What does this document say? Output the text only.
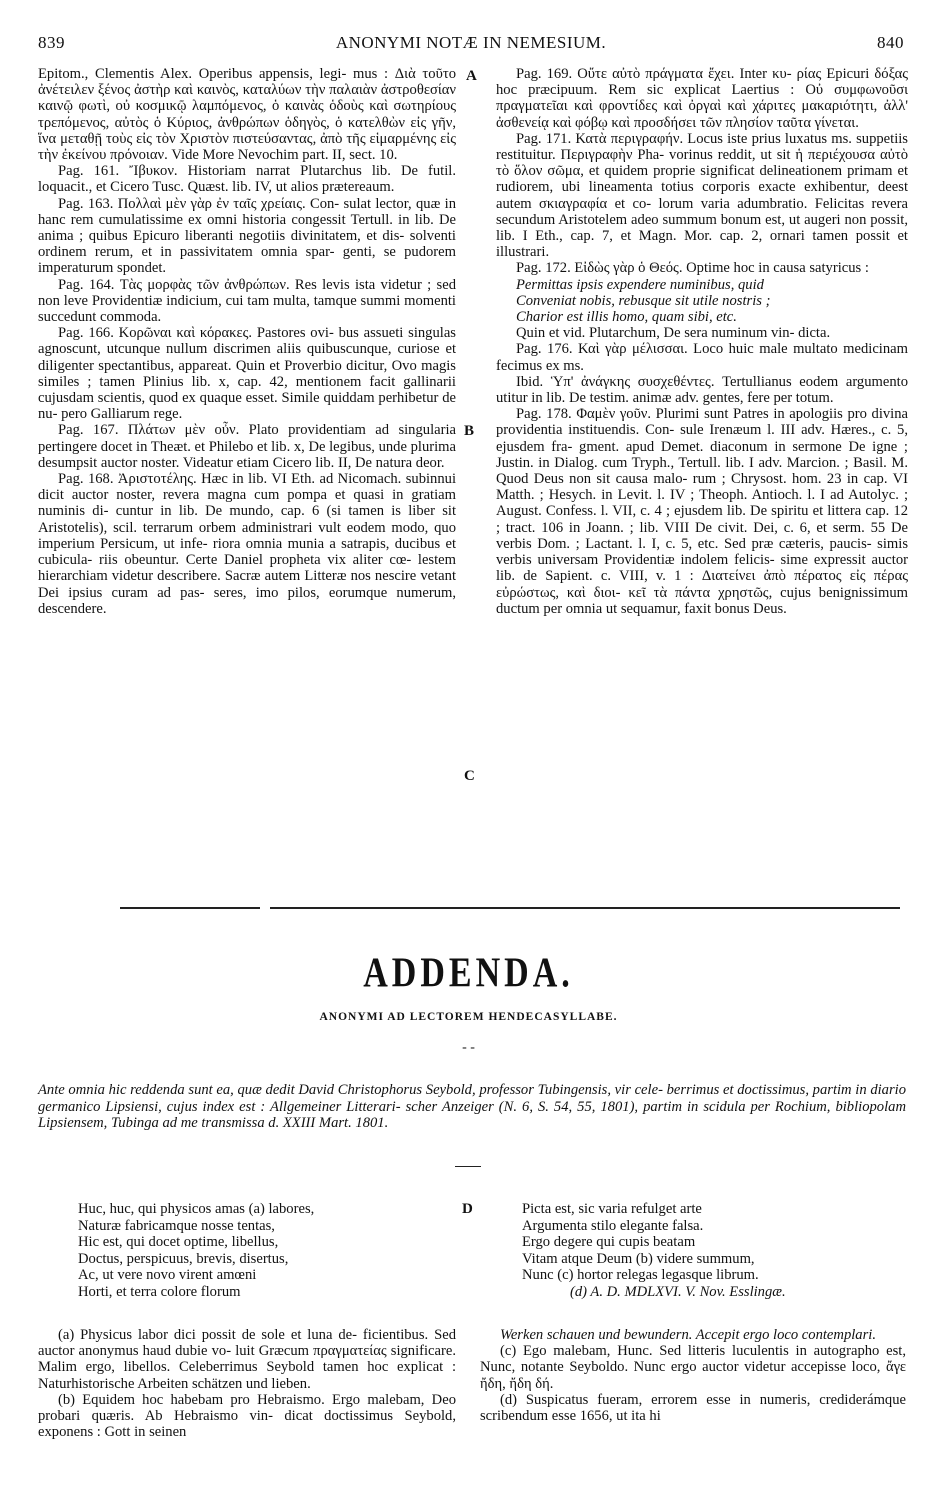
839	ANONYMI NOTÆ IN NEMESIUM.	840

Epitom., Clementis Alex. Operibus appensis, legi- mus : Διὰ τοῦτο ἀνέτειλεν ξένος ἀστὴρ καὶ καινὸς, καταλύων τὴν παλαιὰν ἀστροθεσίαν καινῷ φωτὶ, οὐ κοσμικῷ λαμπόμενος, ὁ καινὰς ὁδοὺς καὶ σωτηρίους τρεπόμενος, αὐτὸς ὁ Κύριος, ἀνθρώπων ὁδηγὸς, ὁ κατελθὼν εἰς γῆν, ἵνα μεταθῇ τοὺς εἰς τὸν Χριστὸν πιστεύσαντας, ἀπὸ τῆς εἱμαρμένης εἰς τὴν ἐκείνου πρόνοιαν. Vide More Nevochim part. II, sect. 10.

Pag. 161. Ἴβυκον. Historiam narrat Plutarchus lib. De futil. loquacit., et Cicero Tusc. Quæst. lib. IV, ut alios prætereaum.

Pag. 163. Πολλαὶ μὲν γὰρ ἐν ταῖς χρείαις. Con- sulat lector, quæ in hanc rem cumulatissime ex omni historia congessit Tertull. in lib. De anima ; quibus Epicuro liberanti negotiis divinitatem, et dis- solventi ordinem rerum, et in passivitatem omnia spar- genti, se pudorem imperaturum spondet.

Pag. 164. Τὰς μορφὰς τῶν ἀνθρώπων. Res levis ista videtur ; sed non leve Providentiæ indicium, cui tam multa, tamque summi momenti succedunt commoda.

Pag. 166. Κορῶναι καὶ κόρακες. Pastores ovi- bus assueti singulas agnoscunt, utcunque nullum discrimen aliis quibuscunque, curiose et diligenter spectantibus, appareat. Quin et Proverbio dicitur, Ovo magis similes ; tamen Plinius lib. x, cap. 42, mentionem facit gallinarii cujusdam scientis, quod ex quaque esset. Simile quiddam perhibetur de nu- pero Galliarum rege.

Pag. 167. Πλάτων μὲν οὖν. Plato providentiam ad singularia pertingere docet in Theæt. et Philebo et lib. x, De legibus, unde plurima desumpsit auctor noster. Videatur etiam Cicero lib. II, De natura deor.

Pag. 168. Ἀριστοτέλης. Hæc in lib. VI Eth. ad Nicomach. subinnui dicit auctor noster, revera magna cum pompa et quasi in gratiam numinis di- cuntur in lib. De mundo, cap. 6 (si tamen is liber sit Aristotelis), scil. terrarum orbem administrari vult eodem modo, quo imperium Persicum, ut infe- riora omnia munia a satrapis, ducibus et cubicula- riis obeuntur. Certe Daniel propheta vix aliter cœ- lestem hierarchiam videtur describere. Sacræ autem Litteræ nos nescire vetant Dei ipsius curam ad pas- seres, imo pilos, eorumque numerum, descendere.

A
B
C

Pag. 169. Οὔτε αὐτὸ πράγματα ἔχει. Inter κυ- ρίας Epicuri δόξας hoc præcipuum. Rem sic explicat Laertius : Οὐ συμφωνοῦσι πραγματεῖαι καὶ φροντίδες καὶ ὀργαὶ καὶ χάριτες μακαριότητι, ἀλλ' ἀσθενείᾳ καὶ φόβῳ καὶ προσδήσει τῶν πλησίον ταῦτα γίνεται.

Pag. 171. Κατὰ περιγραφήν. Locus iste prius luxatus ms. suppetiis restituitur. Περιγραφὴν Pha- vorinus reddit, ut sit ἡ περιέχουσα αὐτὸ τὸ ὅλον σῶμα, et quidem proprie significat delineationem primam et rudiorem, ubi lineamenta totius corporis exacte exhibentur, deest autem σκιαγραφία et co- lorum varia adumbratio. Felicitas revera secundum Aristotelem adeo summum bonum est, ut augeri non possit, lib. I Eth., cap. 7, et Magn. Mor. cap. 2, ornari tamen possit et illustrari.

Pag. 172. Εἰδὼς γὰρ ὁ Θεός. Optime hoc in causa satyricus :

Permittas ipsis expendere numinibus, quid

Conveniat nobis, rebusque sit utile nostris ;

Charior est illis homo, quam sibi, etc.

Quin et vid. Plutarchum, De sera numinum vin- dicta.

Pag. 176. Καὶ γὰρ μέλισσαι. Loco huic male multato medicinam fecimus ex ms.

Ibid. Ὑπ' ἀνάγκης συσχεθέντες. Tertullianus eodem argumento utitur in lib. De testim. animæ adv. gentes, fere per totum.

Pag. 178. Φαμὲν γοῦν. Plurimi sunt Patres in apologiis pro divina providentia instituendis. Con- sule Irenæum l. III adv. Hæres., c. 5, ejusdem fra- gment. apud Demet. diaconum in sermone De igne ; Justin. in Dialog. cum Tryph., Tertull. lib. I adv. Marcion. ; Basil. M. Quod Deus non sit causa malo- rum ; Chrysost. hom. 23 in cap. VI Matth. ; Hesych. in Levit. l. IV ; Theoph. Antioch. l. I ad Autolyc. ; August. Confess. l. VII, c. 4 ; ejusdem lib. De spiritu et littera cap. 12 ; tract. 106 in Joann. ; lib. VIII De civit. Dei, c. 6, et serm. 55 De verbis Dom. ; Lactant. l. I, c. 5, etc. Sed præ cæteris, paucis- simis verbis universam Providentiæ indolem felicis- sime expressit auctor lib. de Sapient. c. VIII, v. 1 : Διατείνει ἀπὸ πέρατος εἰς πέρας εὐρώστως, καὶ διοι- κεῖ τὰ πάντα χρηστῶς, cujus benignissimum ductum per omnia ut sequamur, faxit bonus Deus.

ADDENDA.
ANONYMI AD LECTOREM HENDECASYLLABE.
- -
Ante omnia hic reddenda sunt ea, quæ dedit David Christophorus Seybold, professor Tubingensis, vir cele- berrimus et doctissimus, partim in diario germanico Lipsiensi, cujus index est : Allgemeiner Litterari- scher Anzeiger (N. 6, S. 54, 55, 1801), partim in scidula per Rochium, bibliopolam Lipsiensem, Tubinga ad me transmissa d. XXIII Mart. 1801.
D
Huc, huc, qui physicos amas (a) labores,
Naturæ fabricamque nosse tentas,
Hic est, qui docet optime, libellus,
Doctus, perspicuus, brevis, disertus,
Ac, ut vere novo virent amœni
Horti, et terra colore florum
Picta est, sic varia refulget arte
Argumenta stilo elegante falsa.
Ergo degere qui cupis beatam
Vitam atque Deum (b) videre summum,
Nunc (c) hortor relegas legasque librum.
(d) A. D. MDLXVI. V. Nov. Esslingæ.

(a) Physicus labor dici possit de sole et luna de- ficientibus. Sed auctor anonymus haud dubie vo- luit Græcum πραγματείας significare. Malim ergo, libellos. Celeberrimus Seybold tamen hoc explicat : Naturhistorische Arbeiten schätzen und lieben.

(b) Equidem hoc habebam pro Hebraismo. Ergo malebam, Deo probari quæris. Ab Hebraismo vin- dicat doctissimus Seybold, exponens : Gott in seinen

Werken schauen und bewundern. Accepit ergo loco contemplari.

(c) Ego malebam, Hunc. Sed litteris luculentis in autographo est, Nunc, notante Seyboldo. Nunc ergo auctor videtur accepisse loco, ἄγε ἤδη, ἤδη δή.

(d) Suspicatus fueram, errorem esse in numeris, crediderámque scribendum esse 1656, ut ita hi
